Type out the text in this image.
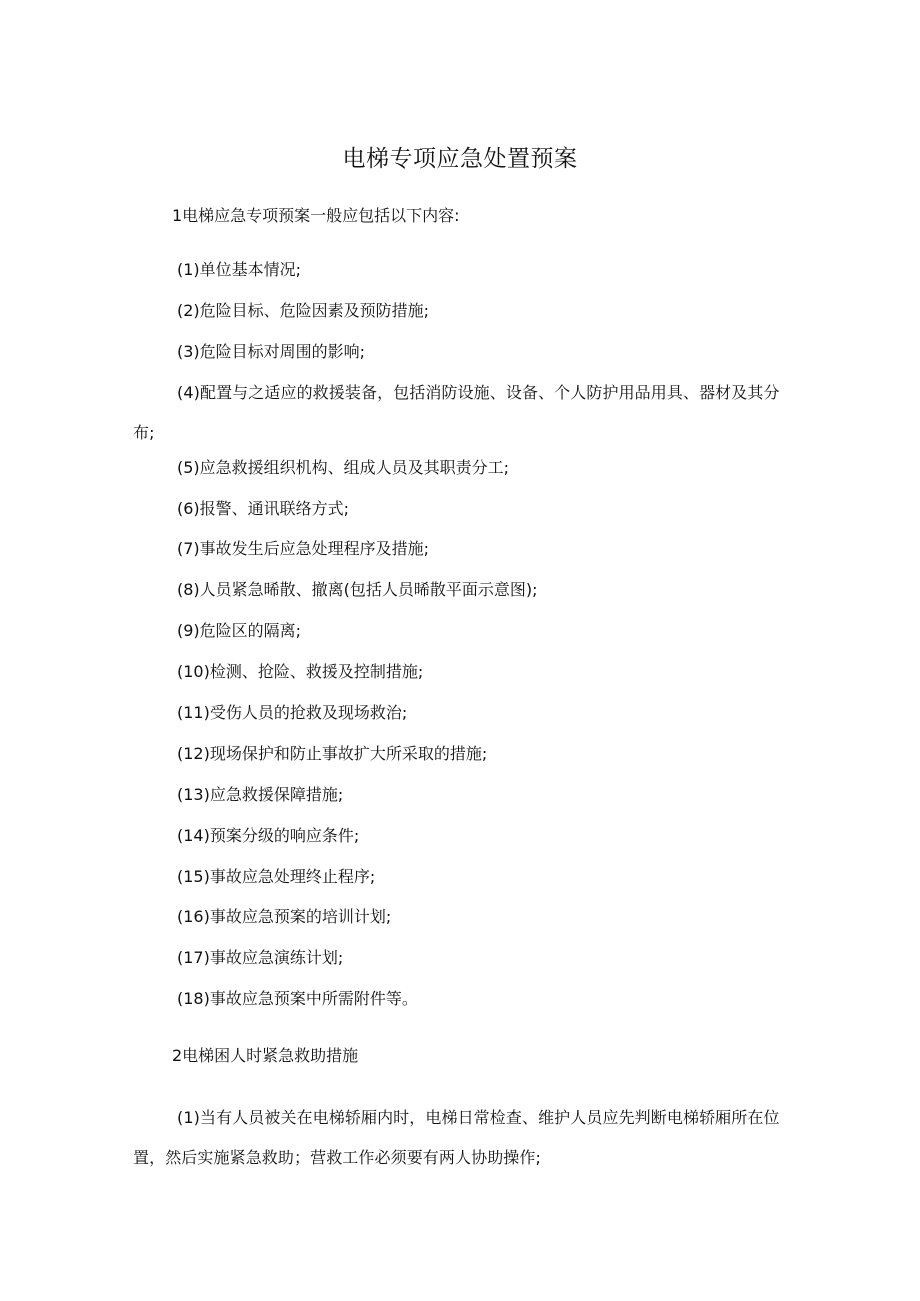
电梯专项应急处置预案
1电梯应急专项预案一般应包括以下内容:

(1)单位基本情况;

(2)危险目标、危险因素及预防措施;

(3)危险目标对周围的影响;

(4)配置与之适应的救援装备，包括消防设施、设备、个人防护用品用具、器材及其分布;

(5)应急救援组织机构、组成人员及其职责分工;

(6)报警、通讯联络方式;

(7)事故发生后应急处理程序及措施;

(8)人员紧急晞散、撤离(包括人员晞散平面示意图);

(9)危险区的隔离;

(10)检测、抢险、救援及控制措施;

(11)受伤人员的抢救及现场救治;

(12)现场保护和防止事故扩大所采取的措施;

(13)应急救援保障措施;

(14)预案分级的响应条件;

(15)事故应急处理终止程序;

(16)事故应急预案的培训计划;

(17)事故应急演练计划;

(18)事故应急预案中所需附件等。

2电梯困人时紧急救助措施

(1)当有人员被关在电梯轿厢内时，电梯日常检查、维护人员应先判断电梯轿厢所在位置，然后实施紧急救助；营救工作必须要有两人协助操作;
